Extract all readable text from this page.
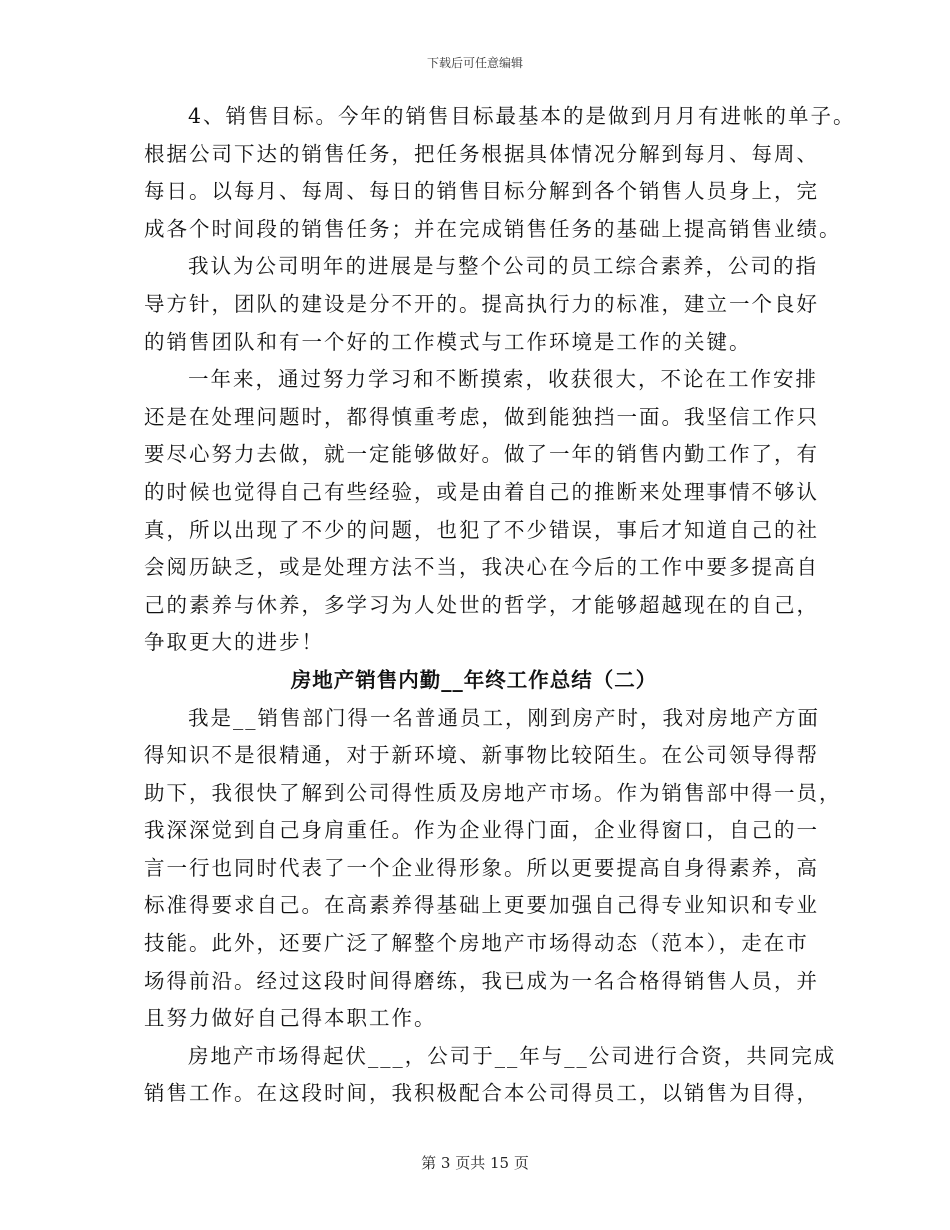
下载后可任意编辑
4、销售目标。今年的销售目标最基本的是做到月月有进帐的单子。
根据公司下达的销售任务，把任务根据具体情况分解到每月、每周、
每日。以每月、每周、每日的销售目标分解到各个销售人员身上，完
成各个时间段的销售任务；并在完成销售任务的基础上提高销售业绩。
我认为公司明年的进展是与整个公司的员工综合素养，公司的指
导方针，团队的建设是分不开的。提高执行力的标准，建立一个良好
的销售团队和有一个好的工作模式与工作环境是工作的关键。
一年来，通过努力学习和不断摸索，收获很大，不论在工作安排
还是在处理问题时，都得慎重考虑，做到能独挡一面。我坚信工作只
要尽心努力去做，就一定能够做好。做了一年的销售内勤工作了，有
的时候也觉得自己有些经验，或是由着自己的推断来处理事情不够认
真，所以出现了不少的问题，也犯了不少错误，事后才知道自己的社
会阅历缺乏，或是处理方法不当，我决心在今后的工作中要多提高自
己的素养与休养，多学习为人处世的哲学，才能够超越现在的自己，
争取更大的进步！
房地产销售内勤__年终工作总结（二）
我是__销售部门得一名普通员工，刚到房产时，我对房地产方面
得知识不是很精通，对于新环境、新事物比较陌生。在公司领导得帮
助下，我很快了解到公司得性质及房地产市场。作为销售部中得一员，
我深深觉到自己身肩重任。作为企业得门面，企业得窗口，自己的一
言一行也同时代表了一个企业得形象。所以更要提高自身得素养，高
标准得要求自己。在高素养得基础上更要加强自己得专业知识和专业
技能。此外，还要广泛了解整个房地产市场得动态（范本），走在市
场得前沿。经过这段时间得磨练，我已成为一名合格得销售人员，并
且努力做好自己得本职工作。
房地产市场得起伏___，公司于__年与__公司进行合资，共同完成
销售工作。在这段时间，我积极配合本公司得员工，以销售为目得，
第 3 页共 15 页
